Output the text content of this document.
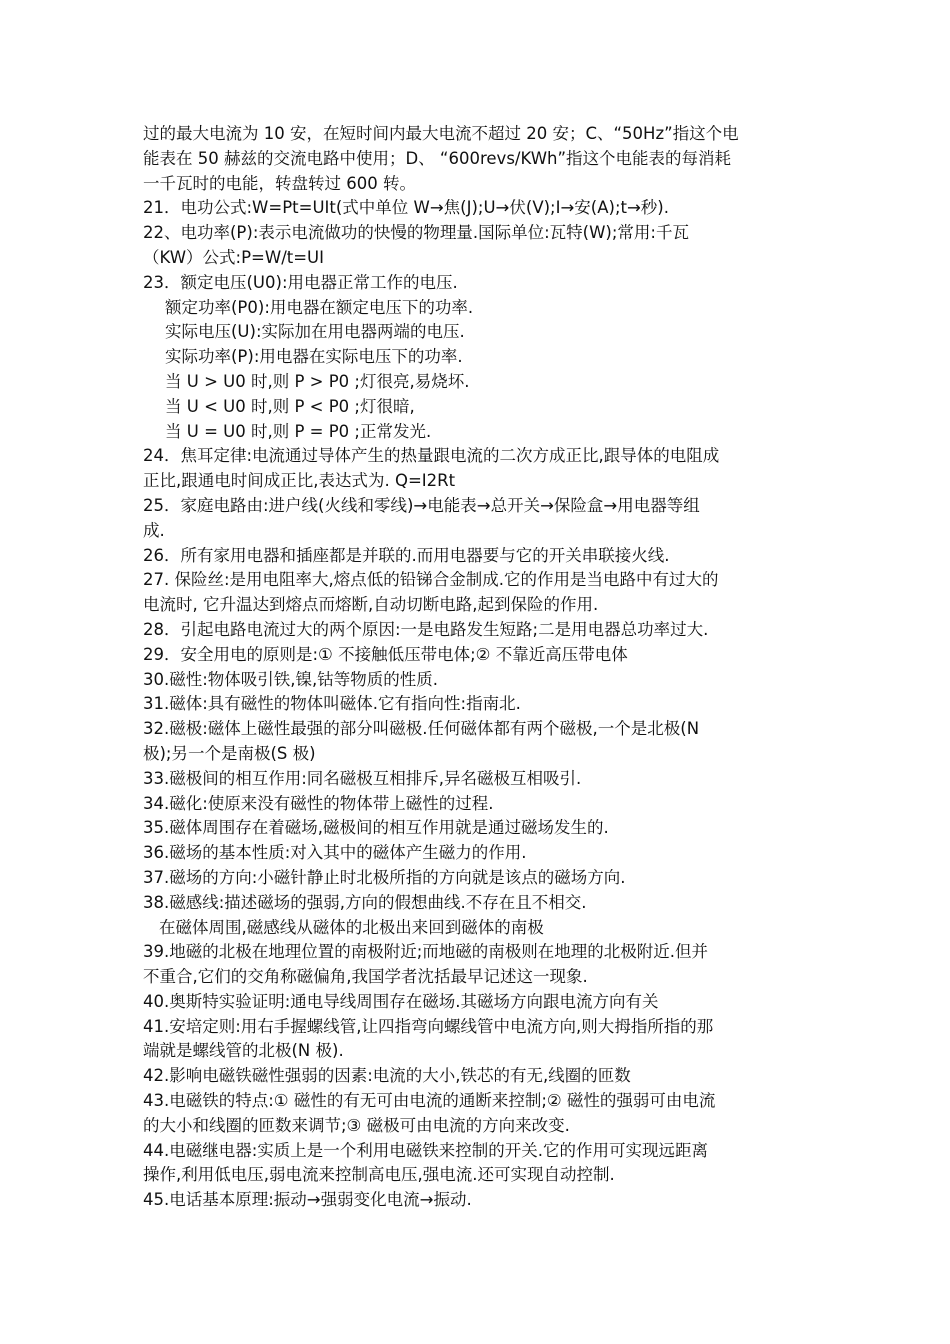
过的最大电流为 10 安，在短时间内最大电流不超过 20 安；C、“50Hz”指这个电
能表在 50 赫兹的交流电路中使用；D、 “600revs/KWh”指这个电能表的每消耗
一千瓦时的电能，转盘转过 600 转。
21．电功公式:W=Pt=UIt(式中单位 W→焦(J);U→伏(V);I→安(A);t→秒).
22、电功率(P):表示电流做功的快慢的物理量.国际单位:瓦特(W);常用:千瓦
（KW）公式:P=W/t=UI
23．额定电压(U0):用电器正常工作的电压.
额定功率(P0):用电器在额定电压下的功率.
实际电压(U):实际加在用电器两端的电压.
实际功率(P):用电器在实际电压下的功率.
当 U > U0 时,则 P > P0 ;灯很亮,易烧坏.
当 U < U0 时,则 P < P0 ;灯很暗,
当 U = U0 时,则 P = P0 ;正常发光.
24．焦耳定律:电流通过导体产生的热量跟电流的二次方成正比,跟导体的电阻成
正比,跟通电时间成正比,表达式为. Q=I2Rt
25．家庭电路由:进户线(火线和零线)→电能表→总开关→保险盒→用电器等组
成.
26．所有家用电器和插座都是并联的.而用电器要与它的开关串联接火线.
27. 保险丝:是用电阻率大,熔点低的铅锑合金制成.它的作用是当电路中有过大的
电流时, 它升温达到熔点而熔断,自动切断电路,起到保险的作用.
28．引起电路电流过大的两个原因:一是电路发生短路;二是用电器总功率过大.
29．安全用电的原则是:① 不接触低压带电体;② 不靠近高压带电体
30.磁性:物体吸引铁,镍,钴等物质的性质.
31.磁体:具有磁性的物体叫磁体.它有指向性:指南北.
32.磁极:磁体上磁性最强的部分叫磁极.任何磁体都有两个磁极,一个是北极(N
极);另一个是南极(S 极)
33.磁极间的相互作用:同名磁极互相排斥,异名磁极互相吸引.
34.磁化:使原来没有磁性的物体带上磁性的过程.
35.磁体周围存在着磁场,磁极间的相互作用就是通过磁场发生的.
36.磁场的基本性质:对入其中的磁体产生磁力的作用.
37.磁场的方向:小磁针静止时北极所指的方向就是该点的磁场方向.
38.磁感线:描述磁场的强弱,方向的假想曲线.不存在且不相交.
在磁体周围,磁感线从磁体的北极出来回到磁体的南极
39.地磁的北极在地理位置的南极附近;而地磁的南极则在地理的北极附近.但并
不重合,它们的交角称磁偏角,我国学者沈括最早记述这一现象.
40.奥斯特实验证明:通电导线周围存在磁场.其磁场方向跟电流方向有关
41.安培定则:用右手握螺线管,让四指弯向螺线管中电流方向,则大拇指所指的那
端就是螺线管的北极(N 极).
42.影响电磁铁磁性强弱的因素:电流的大小,铁芯的有无,线圈的匝数
43.电磁铁的特点:① 磁性的有无可由电流的通断来控制;② 磁性的强弱可由电流
的大小和线圈的匝数来调节;③ 磁极可由电流的方向来改变.
44.电磁继电器:实质上是一个利用电磁铁来控制的开关.它的作用可实现远距离
操作,利用低电压,弱电流来控制高电压,强电流.还可实现自动控制.
45.电话基本原理:振动→强弱变化电流→振动.
